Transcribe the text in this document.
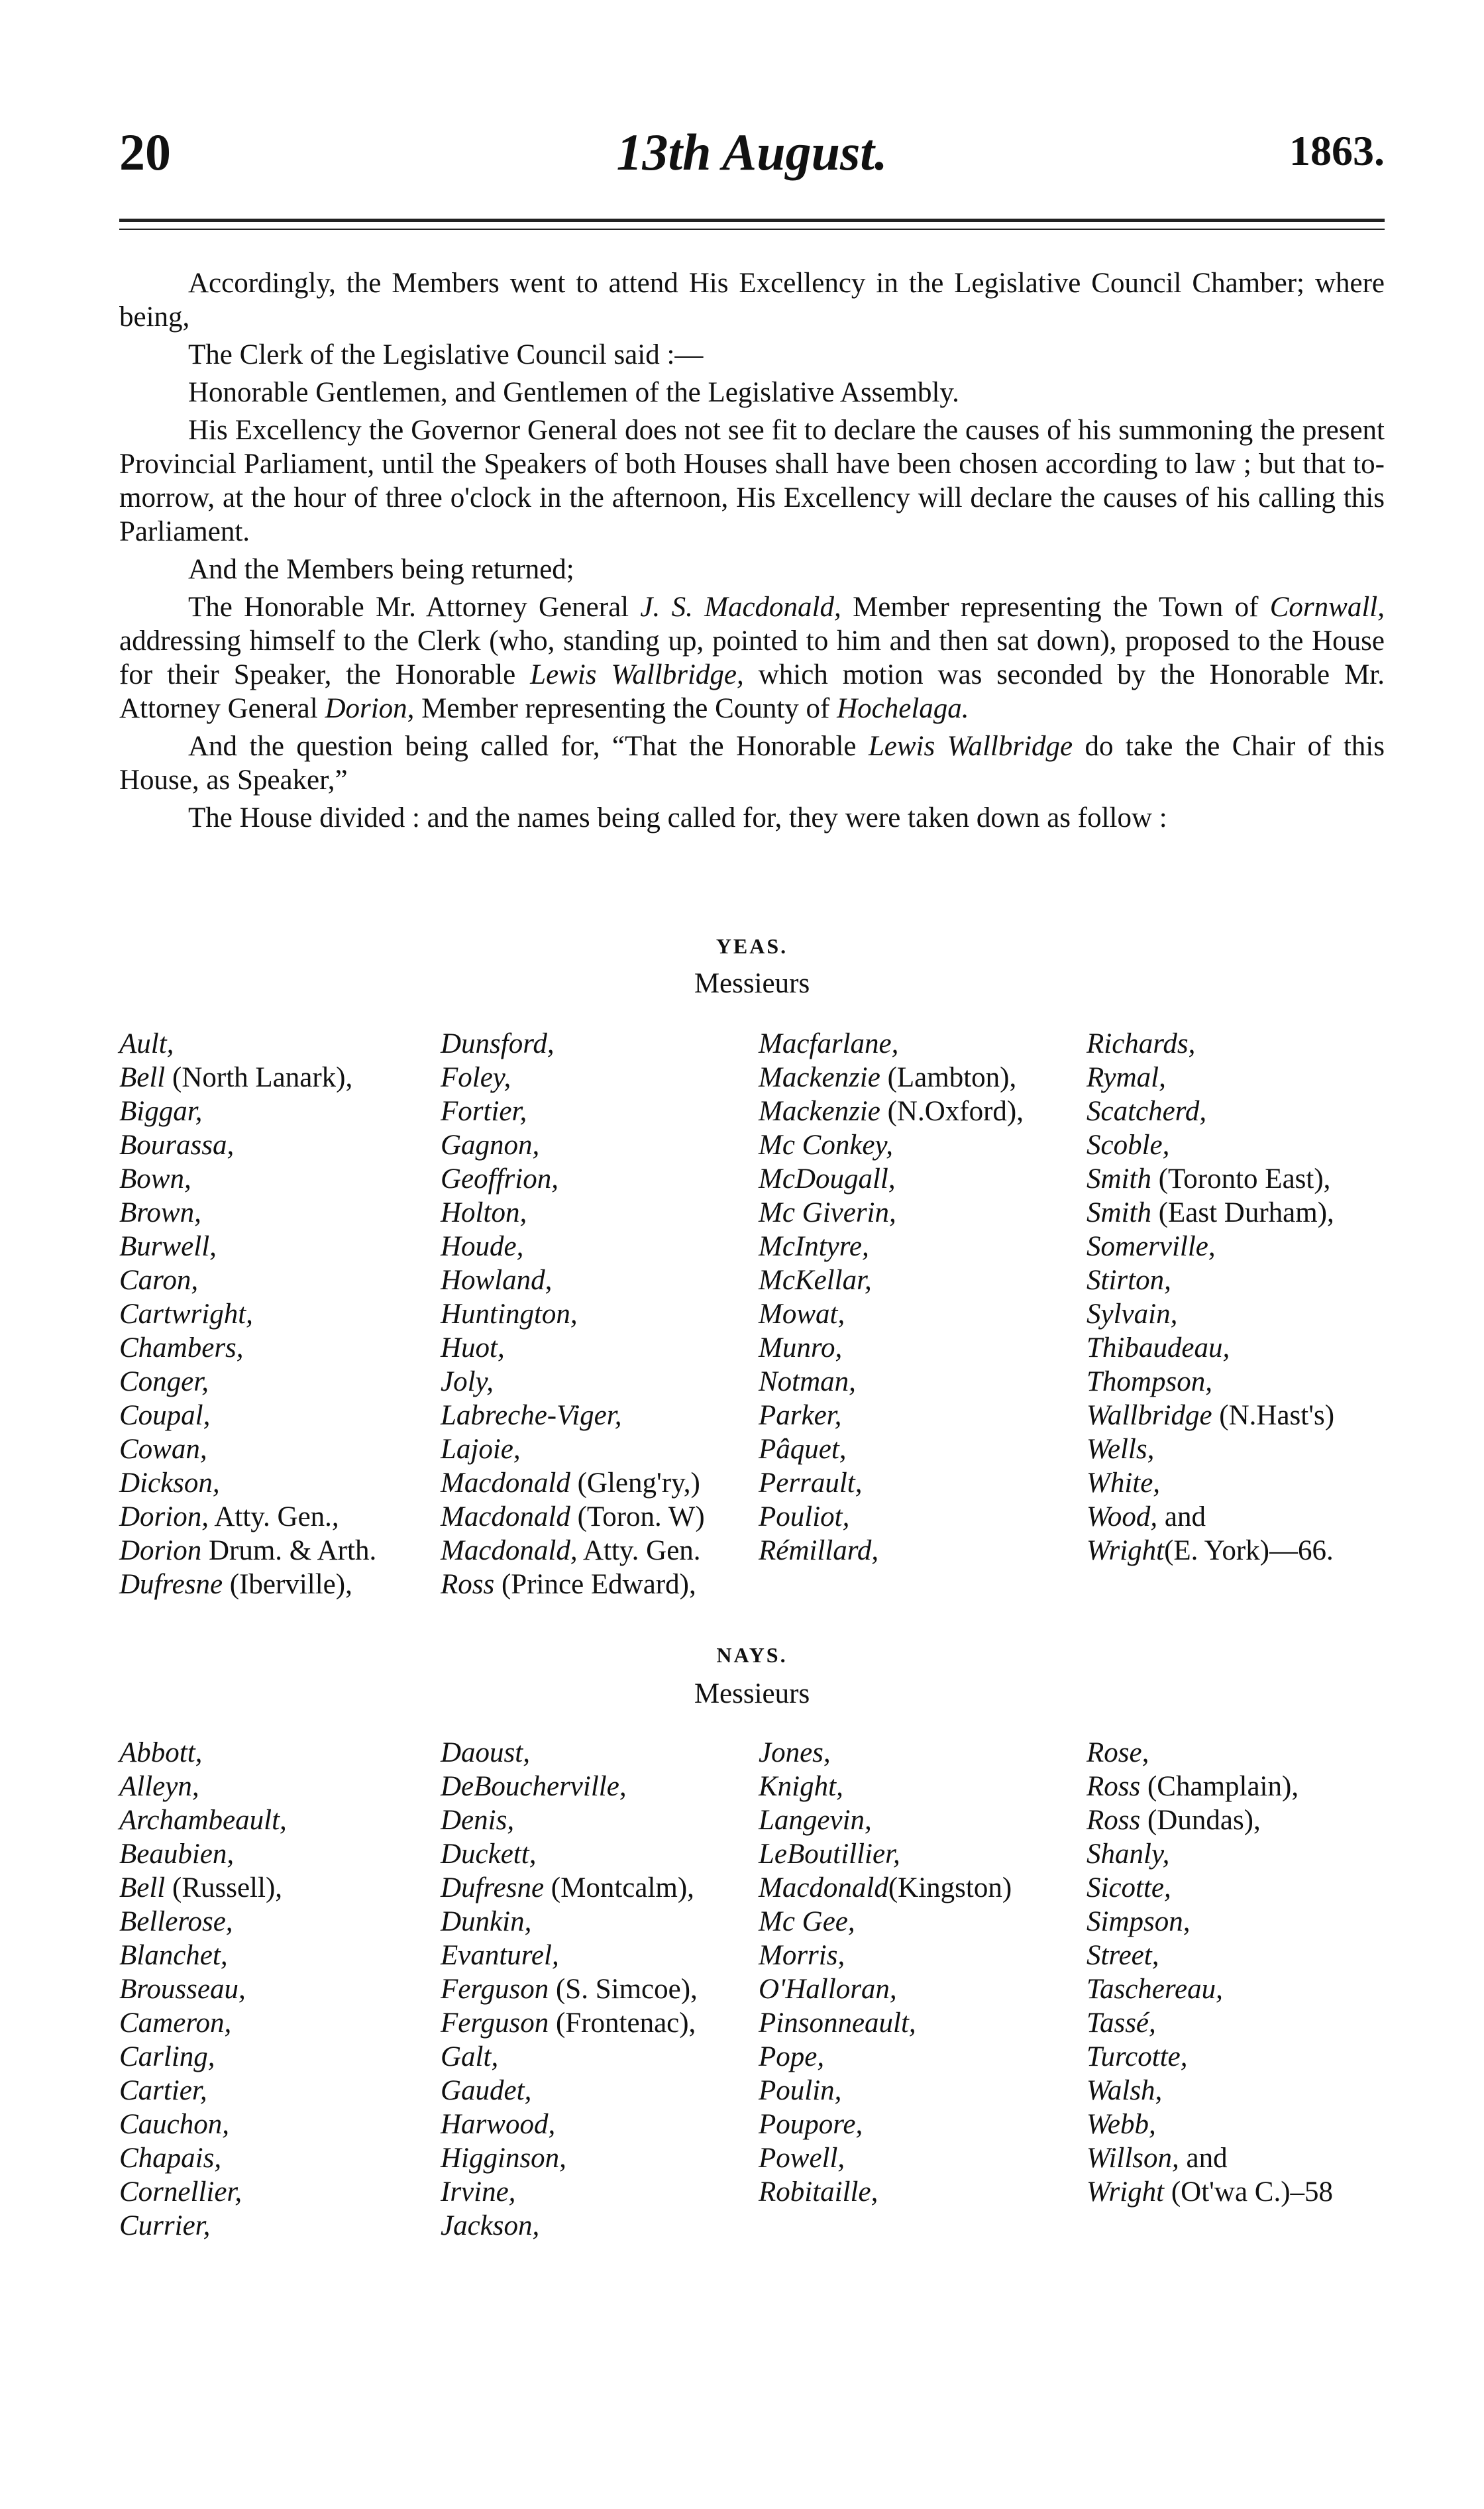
20	13th August.	1863.

Accordingly, the Members went to attend His Excellency in the Legislative Council Chamber; where being,

The Clerk of the Legislative Council said :—

Honorable Gentlemen, and Gentlemen of the Legislative Assembly.

His Excellency the Governor General does not see fit to declare the causes of his summoning the present Provincial Parliament, until the Speakers of both Houses shall have been chosen according to law ; but that to-morrow, at the hour of three o'clock in the afternoon, His Excellency will declare the causes of his calling this Parliament.

And the Members being returned;

The Honorable Mr. Attorney General J. S. Macdonald, Member representing the Town of Cornwall, addressing himself to the Clerk (who, standing up, pointed to him and then sat down), proposed to the House for their Speaker, the Honorable Lewis Wallbridge, which motion was seconded by the Honorable Mr. Attorney General Dorion, Member representing the County of Hochelaga.

And the question being called for, “That the Honorable Lewis Wallbridge do take the Chair of this House, as Speaker,”

The House divided : and the names being called for, they were taken down as follow :

YEAS.
Messieurs
Ault,
Bell (North Lanark),
Biggar,
Bourassa,
Bown,
Brown,
Burwell,
Caron,
Cartwright,
Chambers,
Conger,
Coupal,
Cowan,
Dickson,
Dorion, Atty. Gen.,
Dorion Drum. & Arth.
Dufresne (Iberville),
Dunsford,
Foley,
Fortier,
Gagnon,
Geoffrion,
Holton,
Houde,
Howland,
Huntington,
Huot,
Joly,
Labreche-Viger,
Lajoie,
Macdonald (Gleng'ry,)
Macdonald (Toron. W)
Macdonald, Atty. Gen.
Ross (Prince Edward),
Macfarlane,
Mackenzie (Lambton),
Mackenzie (N.Oxford),
Mc Conkey,
McDougall,
Mc Giverin,
McIntyre,
McKellar,
Mowat,
Munro,
Notman,
Parker,
Pâquet,
Perrault,
Pouliot,
Rémillard,
Richards,
Rymal,
Scatcherd,
Scoble,
Smith (Toronto East),
Smith (East Durham),
Somerville,
Stirton,
Sylvain,
Thibaudeau,
Thompson,
Wallbridge (N.Hast's)
Wells,
White,
Wood, and
Wright(E. York)—66.
NAYS.
Messieurs
Abbott,
Alleyn,
Archambeault,
Beaubien,
Bell (Russell),
Bellerose,
Blanchet,
Brousseau,
Cameron,
Carling,
Cartier,
Cauchon,
Chapais,
Cornellier,
Currier,
Daoust,
DeBoucherville,
Denis,
Duckett,
Dufresne (Montcalm),
Dunkin,
Evanturel,
Ferguson (S. Simcoe),
Ferguson (Frontenac),
Galt,
Gaudet,
Harwood,
Higginson,
Irvine,
Jackson,
Jones,
Knight,
Langevin,
LeBoutillier,
Macdonald(Kingston)
Mc Gee,
Morris,
O'Halloran,
Pinsonneault,
Pope,
Poulin,
Poupore,
Powell,
Robitaille,
Rose,
Ross (Champlain),
Ross (Dundas),
Shanly,
Sicotte,
Simpson,
Street,
Taschereau,
Tassé,
Turcotte,
Walsh,
Webb,
Willson, and
Wright (Ot'wa C.)–58
